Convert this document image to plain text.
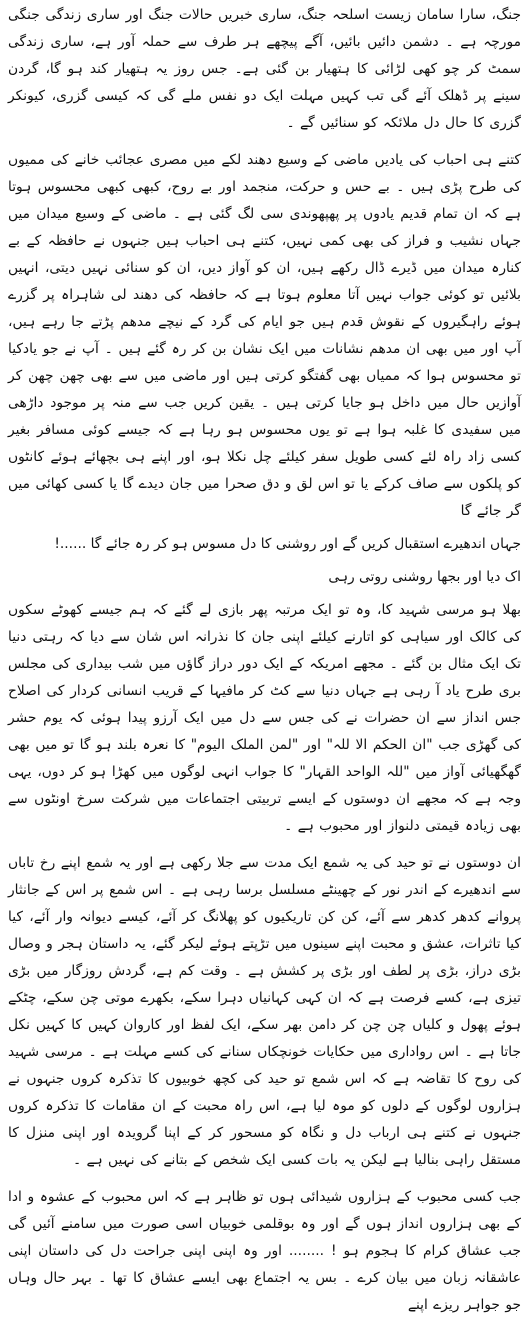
جنگ، سارا سامان زیست اسلحہ جنگ، ساری خبریں حالات جنگ اور ساری زندگی جنگی مورچہ ہے ۔ دشمن دائیں بائیں، آگے پیچھے ہر طرف سے حملہ آور ہے، ساری زندگی سمٹ کر چو کھی لڑائی کا ہتھیار بن گئی ہے۔ جس روز یہ ہتھیار کند ہو گا، گردن سینے پر ڈھلک آئے گی تب کہیں مہلت ایک دو نفس ملے گی کہ کیسی گزری، کیونکر گزری کا حال دل ملائکہ کو سنائیں گے ۔

کتنے ہی احباب کی یادیں ماضی کے وسیع دھند لکے میں مصری عجائب خانے کی ممیوں کی طرح پڑی ہیں ۔ بے حس و حرکت، منجمد اور بے روح، کبھی کبھی محسوس ہوتا ہے کہ ان تمام قدیم یادوں پر پھپھوندی سی لگ گئی ہے ۔ ماضی کے وسیع میدان میں جہاں نشیب و فراز کی بھی کمی نہیں، کتنے ہی احباب ہیں جنہوں نے حافظہ کے بے کنارہ میدان میں ڈیرے ڈال رکھے ہیں، ان کو آواز دیں، ان کو سنائی نہیں دیتی، انہیں بلائیں تو کوئی جواب نہیں آتا معلوم ہوتا ہے کہ حافظہ کی دھند لی شاہراہ پر گزرے ہوئے راہگیروں کے نقوش قدم ہیں جو ایام کی گرد کے نیچے مدھم پڑتے جا رہے ہیں، آپ اور میں بھی ان مدھم نشانات میں ایک نشان بن کر رہ گئے ہیں ۔ آپ نے جو یادکیا تو محسوس ہوا کہ ممیاں بھی گفتگو کرتی ہیں اور ماضی میں سے بھی چھن چھن کر آوازیں حال میں داخل ہو جایا کرتی ہیں ۔ یقین کریں جب سے منہ پر موجود داڑھی میں سفیدی کا غلبہ ہوا ہے تو یوں محسوس ہو رہا ہے کہ جیسے کوئی مسافر بغیر کسی زاد راہ لئے کسی طویل سفر کیلئے چل نکلا ہو، اور اپنے ہی بچھائے ہوئے کانٹوں کو پلکوں سے صاف کرکے یا تو اس لق و دق صحرا میں جان دیدے گا یا کسی کھائی میں گر جائے گا

جہاں اندھیرے استقبال کریں گے اور روشنی کا دل مسوس ہو کر رہ جائے گا ......!

اک دیا اور بجھا روشنی روتی رہی

بھلا ہو مرسی شہید کا، وہ تو ایک مرتبہ پھر بازی لے گئے کہ ہم جیسے کھوٹے سکوں کی کالک اور سیاہی کو اتارنے کیلئے اپنی جان کا نذرانہ اس شان سے دیا کہ رہتی دنیا تک ایک مثال بن گئے ۔ مجھے امریکہ کے ایک دور دراز گاؤں میں شب بیداری کی مجلس بری طرح یاد آ رہی ہے جہاں دنیا سے کٹ کر مافیہا کے قریب انسانی کردار کی اصلاح جس انداز سے ان حضرات نے کی جس سے دل میں ایک آرزو پیدا ہوئی کہ یوم حشر کی گھڑی جب "ان الحکم الا للہ" اور "لمن الملک الیوم" کا نعرہ بلند ہو گا تو میں بھی گھگھیائی آواز میں "للہ الواحد القہار" کا جواب انہی لوگوں میں کھڑا ہو کر دوں، یہی وجہ ہے کہ مجھے ان دوستوں کے ایسے تربیتی اجتماعات میں شرکت سرخ اونٹوں سے بھی زیادہ قیمتی دلنواز اور محبوب ہے ۔

ان دوستوں نے تو حید کی یہ شمع ایک مدت سے جلا رکھی ہے اور یہ شمع اپنے رخ تاباں سے اندھیرے کے اندر نور کے چھینٹے مسلسل برسا رہی ہے ۔ اس شمع پر اس کے جانثار پروانے کدھر کدھر سے آئے، کن کن تاریکیوں کو پھلانگ کر آئے، کیسے دیوانہ وار آئے، کیا کیا تاثرات، عشق و محبت اپنے سینوں میں تڑپتے ہوئے لیکر گئے، یہ داستان ہجر و وصال بڑی دراز، بڑی پر لطف اور بڑی پر کشش ہے ۔ وقت کم ہے، گردش روزگار میں بڑی تیزی ہے، کسے فرصت ہے کہ ان کہی کہانیاں دہرا سکے، بکھرے موتی چن سکے، چٹکے ہوئے پھول و کلیاں چن چن کر دامن بھر سکے، ایک لفظ اور کاروان کہیں کا کہیں نکل جاتا ہے ۔ اس رواداری میں حکایات خونچکاں سنانے کی کسے مہلت ہے ۔ مرسی شہید کی روح کا تقاضہ ہے کہ اس شمع تو حید کی کچھ خوبیوں کا تذکرہ کروں جنہوں نے ہزاروں لوگوں کے دلوں کو موہ لیا ہے، اس راہ محبت کے ان مقامات کا تذکرہ کروں جنہوں نے کتنے ہی ارباب دل و نگاہ کو مسحور کر کے اپنا گرویدہ اور اپنی منزل کا مستقل راہی بنالیا ہے لیکن یہ بات کسی ایک شخص کے بتانے کی نہیں ہے ۔

جب کسی محبوب کے ہزاروں شیدائی ہوں تو ظاہر ہے کہ اس محبوب کے عشوہ و ادا کے بھی ہزاروں انداز ہوں گے اور وہ بوقلمی خوبیاں اسی صورت میں سامنے آئیں گی جب عشاق کرام کا ہجوم ہو ! ........ اور وہ اپنی اپنی جراحت دل کی داستان اپنی عاشقانہ زبان میں بیان کرے ۔ بس یہ اجتماع بھی ایسے عشاق کا تھا ۔ بہر حال وہاں جو جواہر ریزے اپنے
